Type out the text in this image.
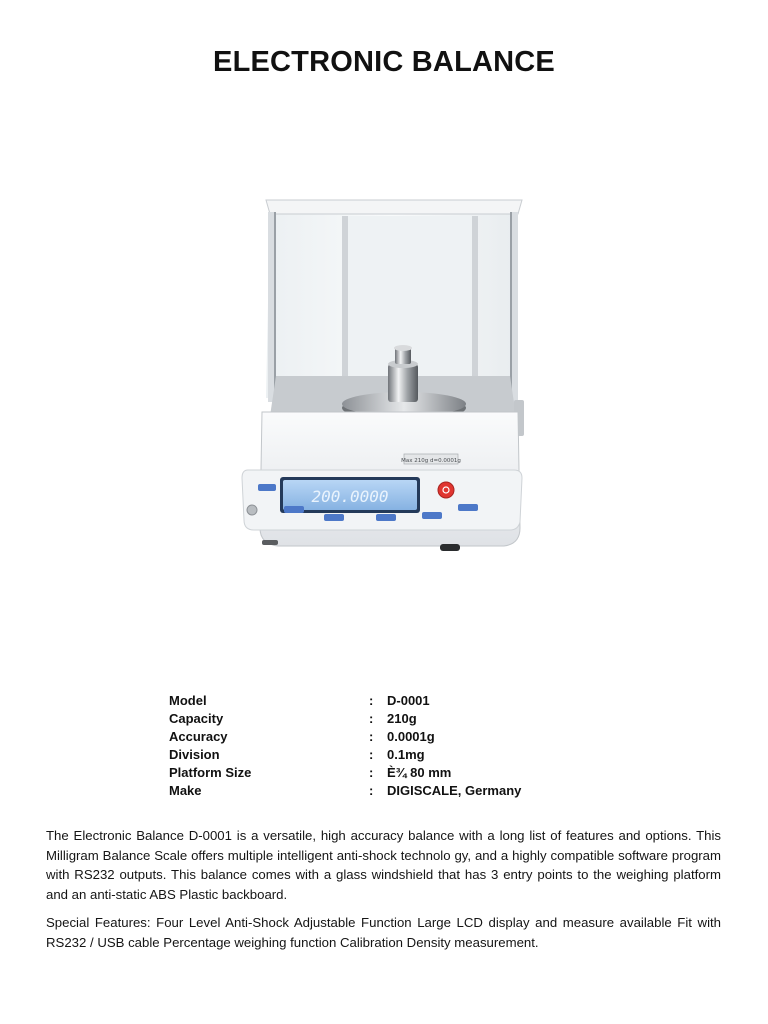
ELECTRONIC BALANCE
Max 210g d=0.0001g
200.0000
Model	:	D-0001
Capacity	:	210g
Accuracy	:	0.0001g
Division	:	0.1mg
Platform Size	:	È¾ 80 mm
Make	:	DIGISCALE, Germany

The Electronic Balance D-0001 is a versatile, high accuracy balance with a long list of features and options. This Milligram Balance Scale offers multiple intelligent anti-shock technolo gy, and a highly compatible software program with RS232 outputs. This balance comes with a glass windshield that has 3 entry points to the weighing platform and an anti-static ABS Plastic backboard.

Special Features: Four Level Anti-Shock Adjustable Function Large LCD display and measure available Fit with RS232 / USB cable Percentage weighing function Calibration Density measurement.
